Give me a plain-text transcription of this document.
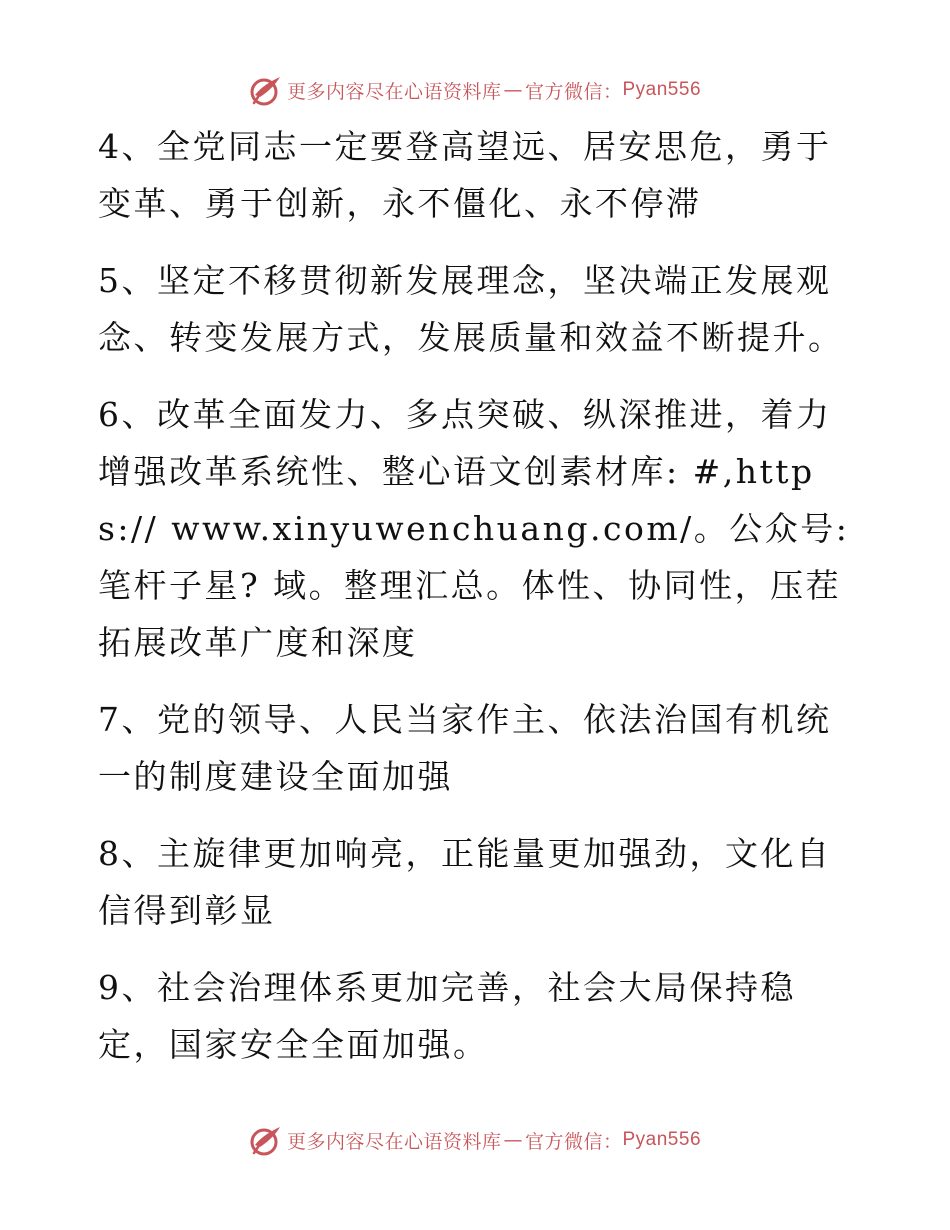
更多内容尽在心语资料库 — 官方微信： Pyan556

4、全党同志一定要登高望远、居安思危，勇于变革、勇于创新，永不僵化、永不停滞

5、坚定不移贯彻新发展理念，坚决端正发展观念、转变发展方式，发展质量和效益不断提升。

6、改革全面发力、多点突破、纵深推进，着力增强改革系统性、整心语文创素材库: #,https:// www.xinyuwenchuang.com/。公众号: 笔杆子星? 域。整理汇总。体性、协同性，压茬拓展改革广度和深度

7、党的领导、人民当家作主、依法治国有机统一的制度建设全面加强

8、主旋律更加响亮，正能量更加强劲，文化自信得到彰显

9、社会治理体系更加完善，社会大局保持稳定，国家安全全面加强。

更多内容尽在心语资料库 — 官方微信： Pyan556
